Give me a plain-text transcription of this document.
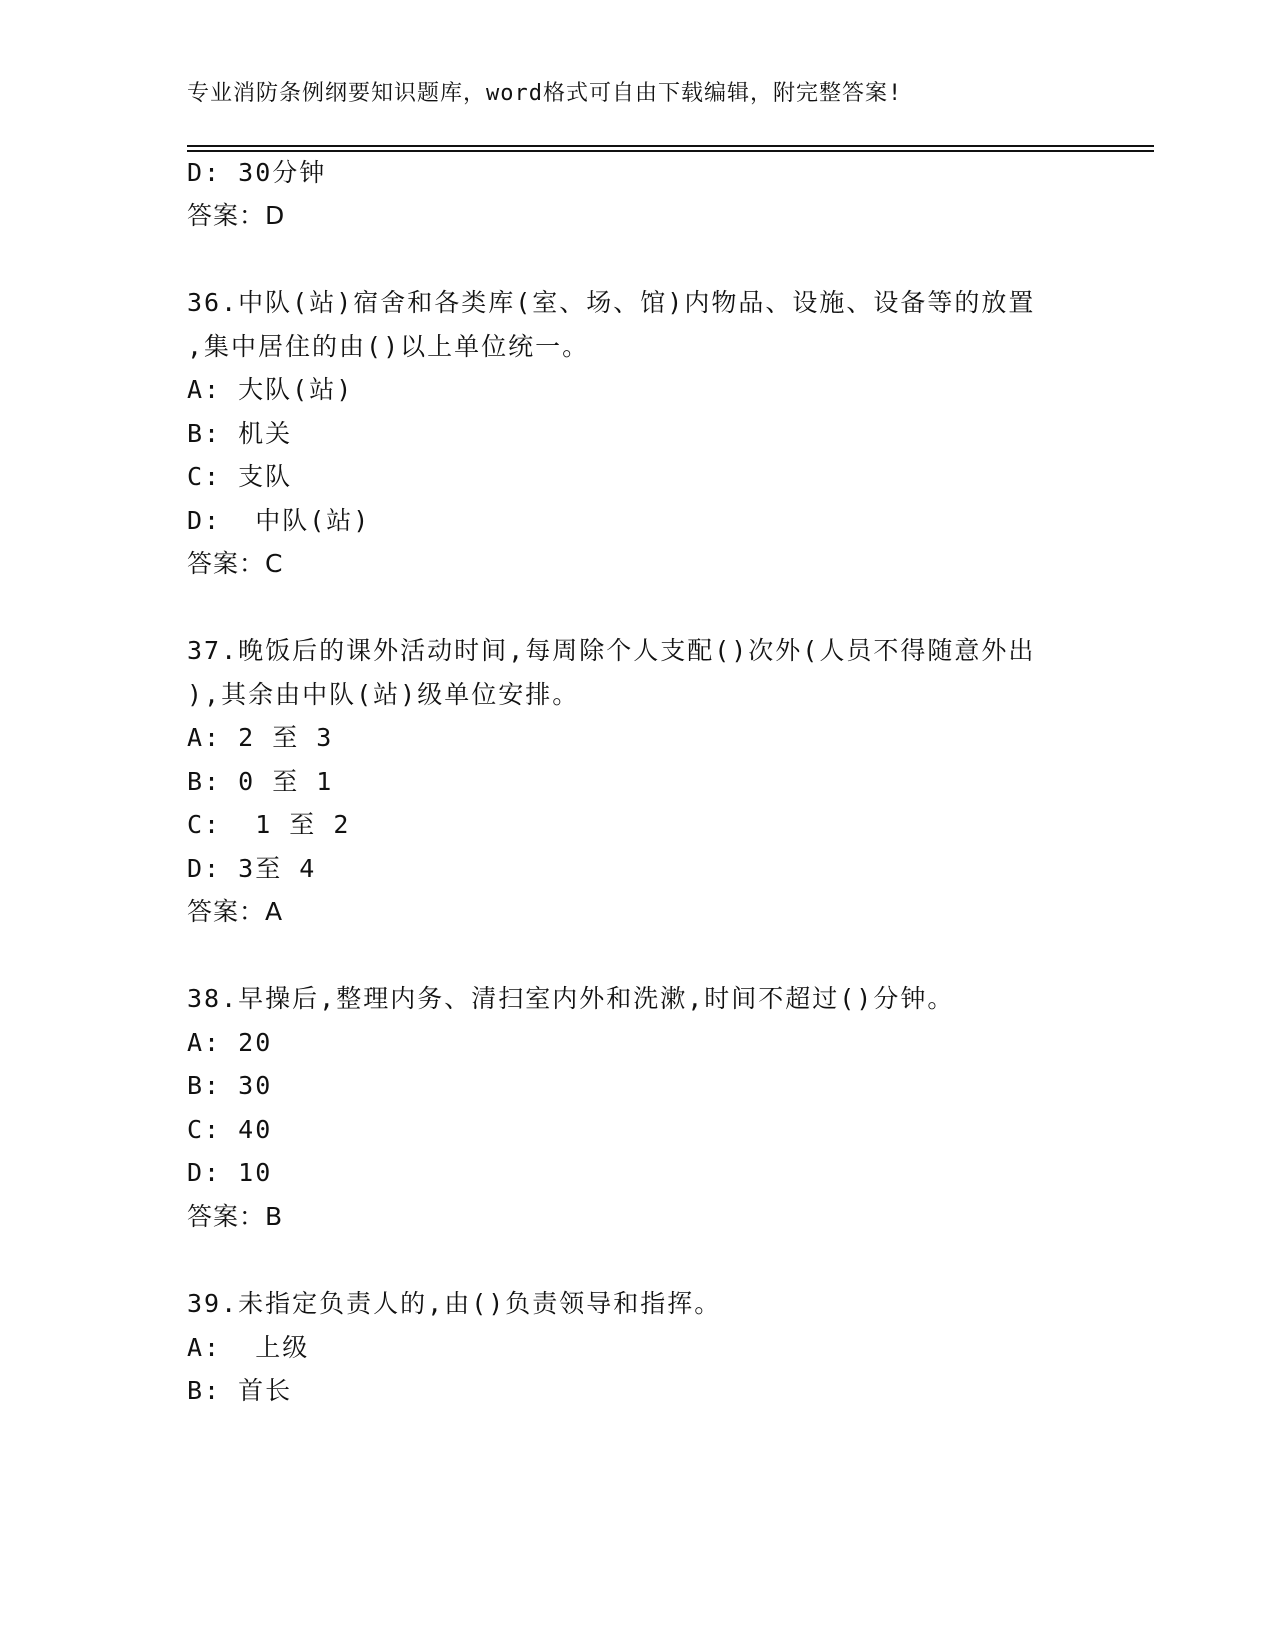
专业消防条例纲要知识题库，word格式可自由下载编辑，附完整答案!
D: 30分钟
答案：D
36.中队(站)宿舍和各类库(室、场、馆)内物品、设施、设备等的放置
,集中居住的由()以上单位统一。
A: 大队(站)
B: 机关
C: 支队
D:  中队(站)
答案：C
37.晚饭后的课外活动时间,每周除个人支配()次外(人员不得随意外出
),其余由中队(站)级单位安排。
A: 2 至 3
B: 0 至 1
C:  1 至 2
D: 3至 4
答案：A
38.早操后,整理内务、清扫室内外和洗漱,时间不超过()分钟。
A: 20
B: 30
C: 40
D: 10
答案：B
39.未指定负责人的,由()负责领导和指挥。
A:  上级
B: 首长
